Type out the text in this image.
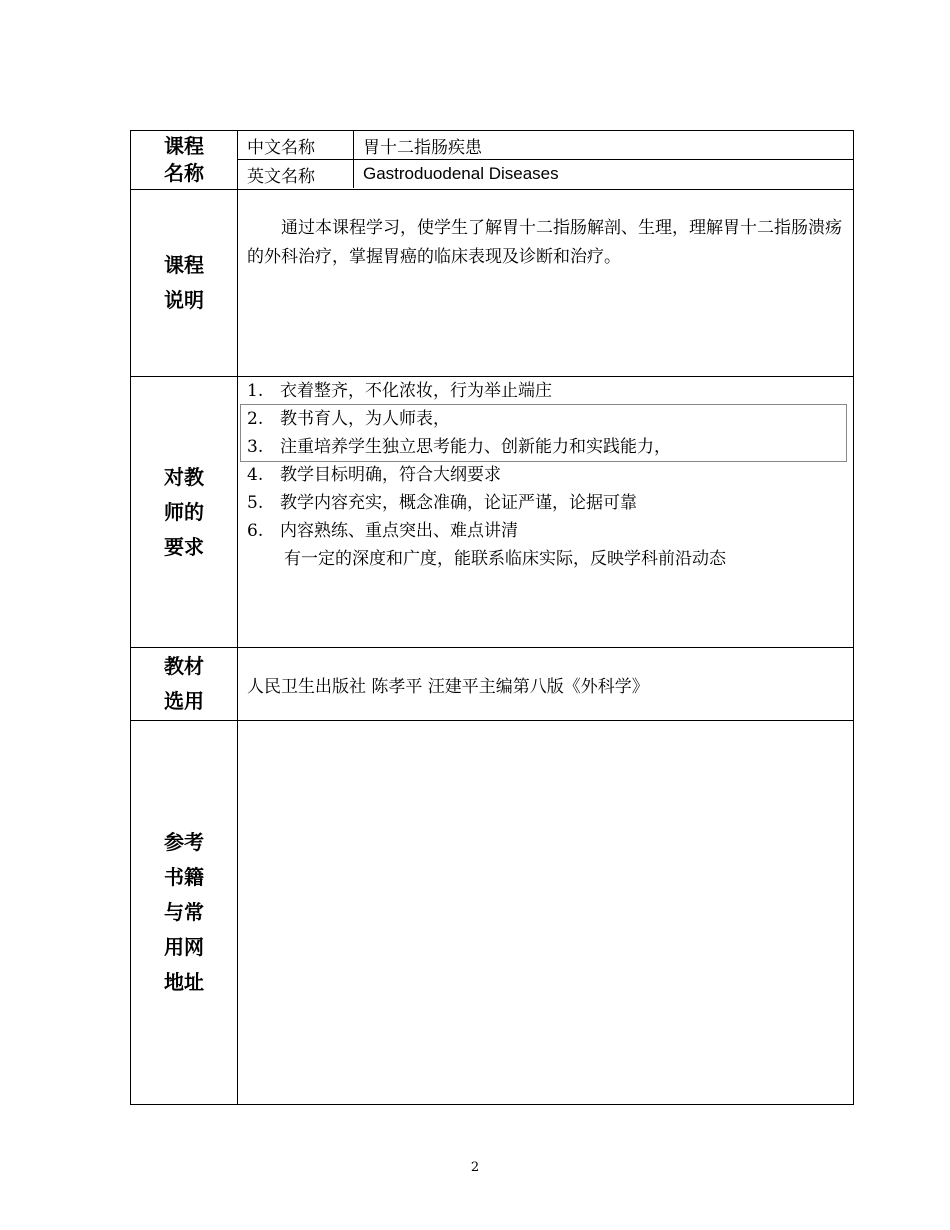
课程
名称

中文名称	胃十二指肠疾患
英文名称	Gastroduodenal Diseases

课程
说明
	通过本课程学习，使学生了解胃十二指肠解剖、生理，理解胃十二指肠溃疡的外科治疗，掌握胃癌的临床表现及诊断和治疗。

对教
师的
要求

1. 衣着整齐，不化浓妆，行为举止端庄
2. 教书育人，为人师表，
3. 注重培养学生独立思考能力、创新能力和实践能力，
4. 教学目标明确，符合大纲要求
5. 教学内容充实，概念准确，论证严谨，论据可靠
6. 内容熟练、重点突出、难点讲清
有一定的深度和广度，能联系临床实际，反映学科前沿动态

教材
选用
	人民卫生出版社 陈孝平 汪建平主编第八版《外科学》

参考
书籍
与常
用网
地址

2
